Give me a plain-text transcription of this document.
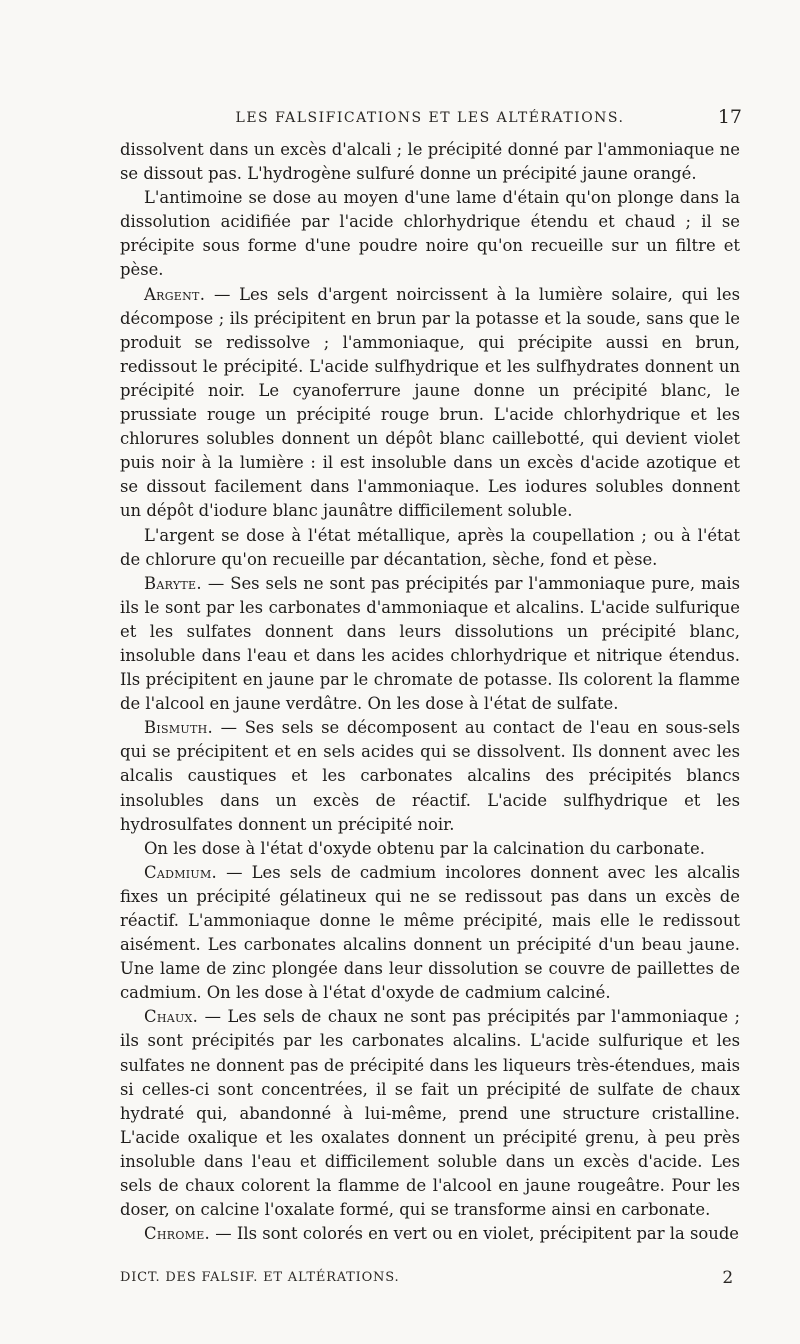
LES FALSIFICATIONS ET LES ALTÉRATIONS.	17

dissolvent dans un excès d'alcali ; le précipité donné par l'ammoniaque ne se dissout pas. L'hydrogène sulfuré donne un précipité jaune orangé.

L'antimoine se dose au moyen d'une lame d'étain qu'on plonge dans la dissolution acidifiée par l'acide chlorhydrique étendu et chaud ; il se précipite sous forme d'une poudre noire qu'on recueille sur un filtre et pèse.

Argent. — Les sels d'argent noircissent à la lumière solaire, qui les décompose ; ils précipitent en brun par la potasse et la soude, sans que le produit se redissolve ; l'ammoniaque, qui précipite aussi en brun, redissout le précipité. L'acide sulfhydrique et les sulfhydrates donnent un précipité noir. Le cyanoferrure jaune donne un précipité blanc, le prussiate rouge un précipité rouge brun. L'acide chlorhydrique et les chlorures solubles donnent un dépôt blanc caillebotté, qui devient violet puis noir à la lumière : il est insoluble dans un excès d'acide azotique et se dissout facilement dans l'ammoniaque. Les iodures solubles donnent un dépôt d'iodure blanc jaunâtre difficilement soluble.

L'argent se dose à l'état métallique, après la coupellation ; ou à l'état de chlorure qu'on recueille par décantation, sèche, fond et pèse.

Baryte. — Ses sels ne sont pas précipités par l'ammoniaque pure, mais ils le sont par les carbonates d'ammoniaque et alcalins. L'acide sulfurique et les sulfates donnent dans leurs dissolutions un précipité blanc, insoluble dans l'eau et dans les acides chlorhydrique et nitrique étendus. Ils précipitent en jaune par le chromate de potasse. Ils colorent la flamme de l'alcool en jaune verdâtre. On les dose à l'état de sulfate.

Bismuth. — Ses sels se décomposent au contact de l'eau en sous-sels qui se précipitent et en sels acides qui se dissolvent. Ils donnent avec les alcalis caustiques et les carbonates alcalins des précipités blancs insolubles dans un excès de réactif. L'acide sulfhydrique et les hydrosulfates donnent un précipité noir.

On les dose à l'état d'oxyde obtenu par la calcination du carbonate.

Cadmium. — Les sels de cadmium incolores donnent avec les alcalis fixes un précipité gélatineux qui ne se redissout pas dans un excès de réactif. L'ammoniaque donne le même précipité, mais elle le redissout aisément. Les carbonates alcalins donnent un précipité d'un beau jaune. Une lame de zinc plongée dans leur dissolution se couvre de paillettes de cadmium. On les dose à l'état d'oxyde de cadmium calciné.

Chaux. — Les sels de chaux ne sont pas précipités par l'ammoniaque ; ils sont précipités par les carbonates alcalins. L'acide sulfurique et les sulfates ne donnent pas de précipité dans les liqueurs très-étendues, mais si celles-ci sont concentrées, il se fait un précipité de sulfate de chaux hydraté qui, abandonné à lui-même, prend une structure cristalline. L'acide oxalique et les oxalates donnent un précipité grenu, à peu près insoluble dans l'eau et difficilement soluble dans un excès d'acide. Les sels de chaux colorent la flamme de l'alcool en jaune rougeâtre. Pour les doser, on calcine l'oxalate formé, qui se transforme ainsi en carbonate.

Chrome. — Ils sont colorés en vert ou en violet, précipitent par la soude

DICT. DES FALSIF. ET ALTÉRATIONS.	2
